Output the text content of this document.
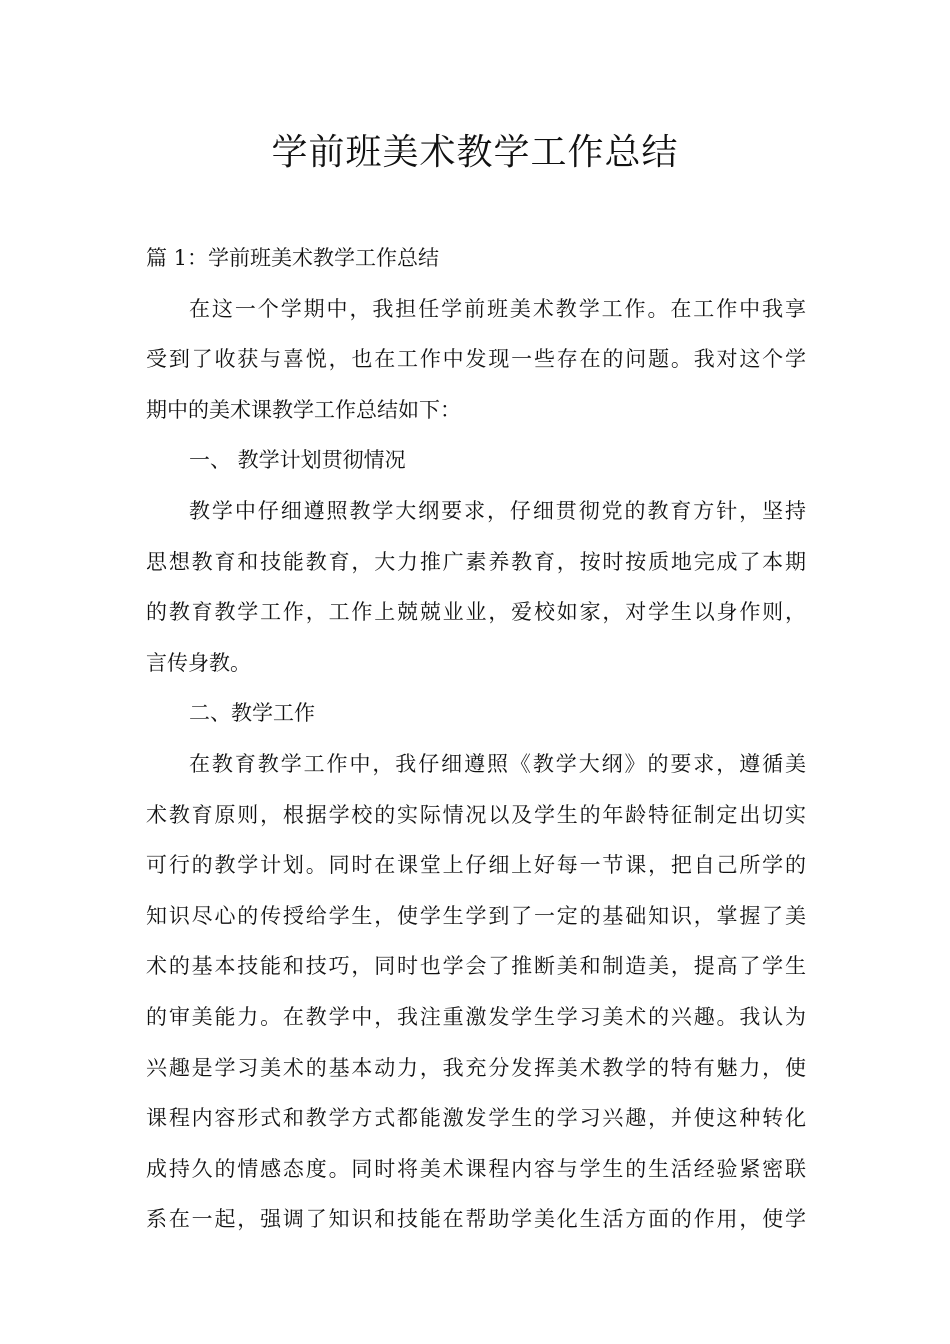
学前班美术教学工作总结
篇 1：学前班美术教学工作总结
在这一个学期中，我担任学前班美术教学工作。在工作中我享
受到了收获与喜悦，也在工作中发现一些存在的问题。我对这个学
期中的美术课教学工作总结如下：
一、 教学计划贯彻情况
教学中仔细遵照教学大纲要求，仔细贯彻党的教育方针，坚持
思想教育和技能教育，大力推广素养教育，按时按质地完成了本期
的教育教学工作，工作上兢兢业业，爱校如家，对学生以身作则，
言传身教。
二、教学工作
在教育教学工作中，我仔细遵照《教学大纲》的要求，遵循美
术教育原则，根据学校的实际情况以及学生的年龄特征制定出切实
可行的教学计划。同时在课堂上仔细上好每一节课，把自己所学的
知识尽心的传授给学生，使学生学到了一定的基础知识，掌握了美
术的基本技能和技巧，同时也学会了推断美和制造美，提高了学生
的审美能力。在教学中，我注重激发学生学习美术的兴趣。我认为
兴趣是学习美术的基本动力，我充分发挥美术教学的特有魅力，使
课程内容形式和教学方式都能激发学生的学习兴趣，并使这种转化
成持久的情感态度。同时将美术课程内容与学生的生活经验紧密联
系在一起，强调了知识和技能在帮助学美化生活方面的作用，使学
